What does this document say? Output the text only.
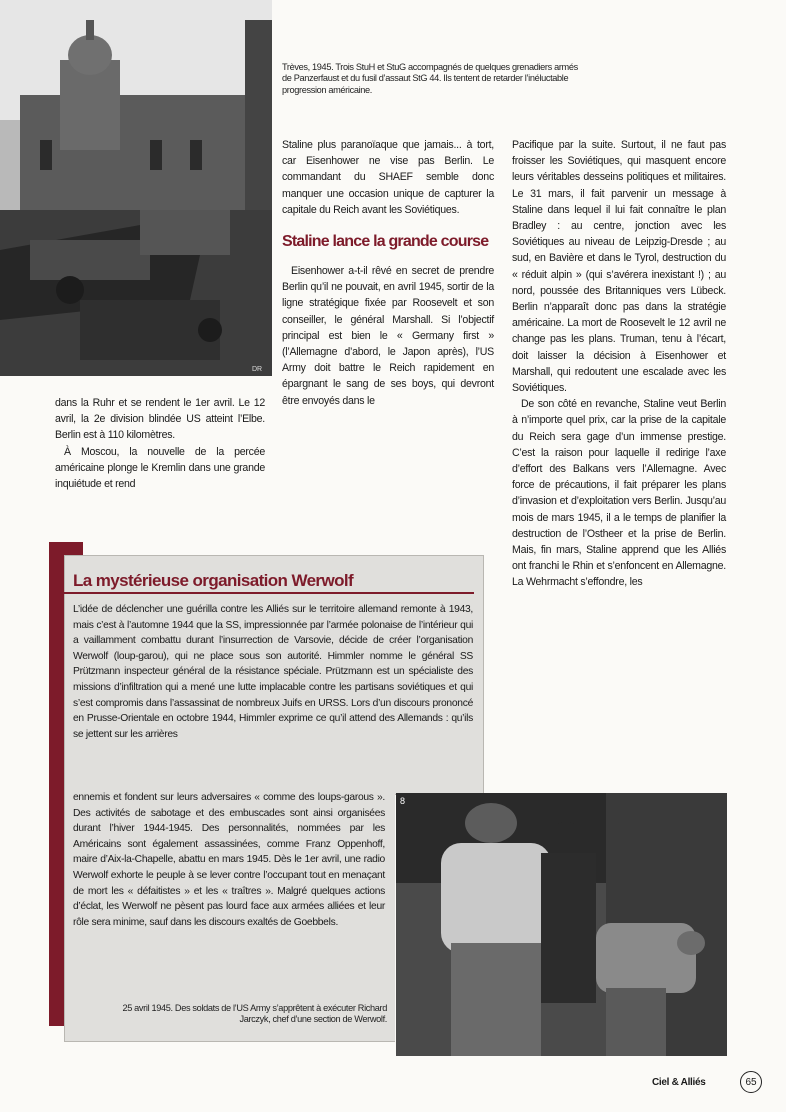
DR
Trèves, 1945. Trois StuH et StuG accompagnés de quelques grenadiers armés de Panzerfaust et du fusil d’assaut StG 44. Ils tentent de retarder l’inéluctable progression américaine.

dans la Ruhr et se rendent le 1er avril. Le 12 avril, la 2e division blindée US atteint l’Elbe. Berlin est à 110 kilomètres.

À Moscou, la nouvelle de la percée américaine plonge le Kremlin dans une grande inquiétude et rend

Staline plus paranoïaque que jamais... à tort, car Eisenhower ne vise pas Berlin. Le commandant du SHAEF semble donc manquer une occasion unique de capturer la capitale du Reich avant les Soviétiques.

Staline lance la grande course

Eisenhower a-t-il rêvé en secret de prendre Berlin qu’il ne pouvait, en avril 1945, sortir de la ligne stratégique fixée par Roosevelt et son conseiller, le général Marshall. Si l’objectif principal est bien le « Germany first » (l’Allemagne d’abord, le Japon après), l’US Army doit battre le Reich rapidement en épargnant le sang de ses boys, qui devront être envoyés dans le

Pacifique par la suite. Surtout, il ne faut pas froisser les Soviétiques, qui masquent encore leurs véritables desseins politiques et militaires. Le 31 mars, il fait parvenir un message à Staline dans lequel il lui fait connaître le plan Bradley : au centre, jonction avec les Soviétiques au niveau de Leipzig-Dresde ; au sud, en Bavière et dans le Tyrol, destruction du « réduit alpin » (qui s’avérera inexistant !) ; au nord, poussée des Britanniques vers Lübeck. Berlin n’apparaît donc pas dans la stratégie américaine. La mort de Roosevelt le 12 avril ne change pas les plans. Truman, tenu à l’écart, doit laisser la décision à Eisenhower et Marshall, qui redoutent une escalade avec les Soviétiques.

De son côté en revanche, Staline veut Berlin à n’importe quel prix, car la prise de la capitale du Reich sera gage d’un immense prestige. C’est la raison pour laquelle il redirige l’axe d’effort des Balkans vers l’Allemagne. Avec force de précautions, il fait préparer les plans d’invasion et d’exploitation vers Berlin. Jusqu’au mois de mars 1945, il a le temps de planifier la destruction de l’Ostheer et la prise de Berlin. Mais, fin mars, Staline apprend que les Alliés ont franchi le Rhin et s’enfoncent en Allemagne. La Wehrmacht s’effondre, les

La mystérieuse organisation Werwolf

L’idée de déclencher une guérilla contre les Alliés sur le territoire allemand remonte à 1943, mais c’est à l’automne 1944 que la SS, impressionnée par l’armée polonaise de l’intérieur qui a vaillamment combattu durant l’insurrection de Varsovie, décide de créer l’organisation Werwolf (loup-garou), qui ne place sous son autorité. Himmler nomme le général SS Prützmann inspecteur général de la résistance spéciale. Prützmann est un spécialiste des missions d’infiltration qui a mené une lutte implacable contre les partisans soviétiques et qui s’est compromis dans l’assassinat de nombreux Juifs en URSS. Lors d’un discours prononcé en Prusse-Orientale en octobre 1944, Himmler exprime ce qu’il attend des Allemands : qu’ils se jettent sur les arrières

ennemis et fondent sur leurs adversaires « comme des loups-garous ». Des activités de sabotage et des embuscades sont ainsi organisées durant l’hiver 1944-1945. Des personnalités, nommées par les Américains sont également assassinées, comme Franz Oppenhoff, maire d’Aix-la-Chapelle, abattu en mars 1945. Dès le 1er avril, une radio Werwolf exhorte le peuple à se lever contre l’occupant tout en menaçant de mort les « défaitistes » et les « traîtres ». Malgré quelques actions d’éclat, les Werwolf ne pèsent pas lourd face aux armées alliées et leur rôle sera minime, sauf dans les discours exaltés de Goebbels.

25 avril 1945. Des soldats de l’US Army s’apprêtent à exécuter Richard Jarczyk, chef d’une section de Werwolf.
8
Ciel & Alliés	65
